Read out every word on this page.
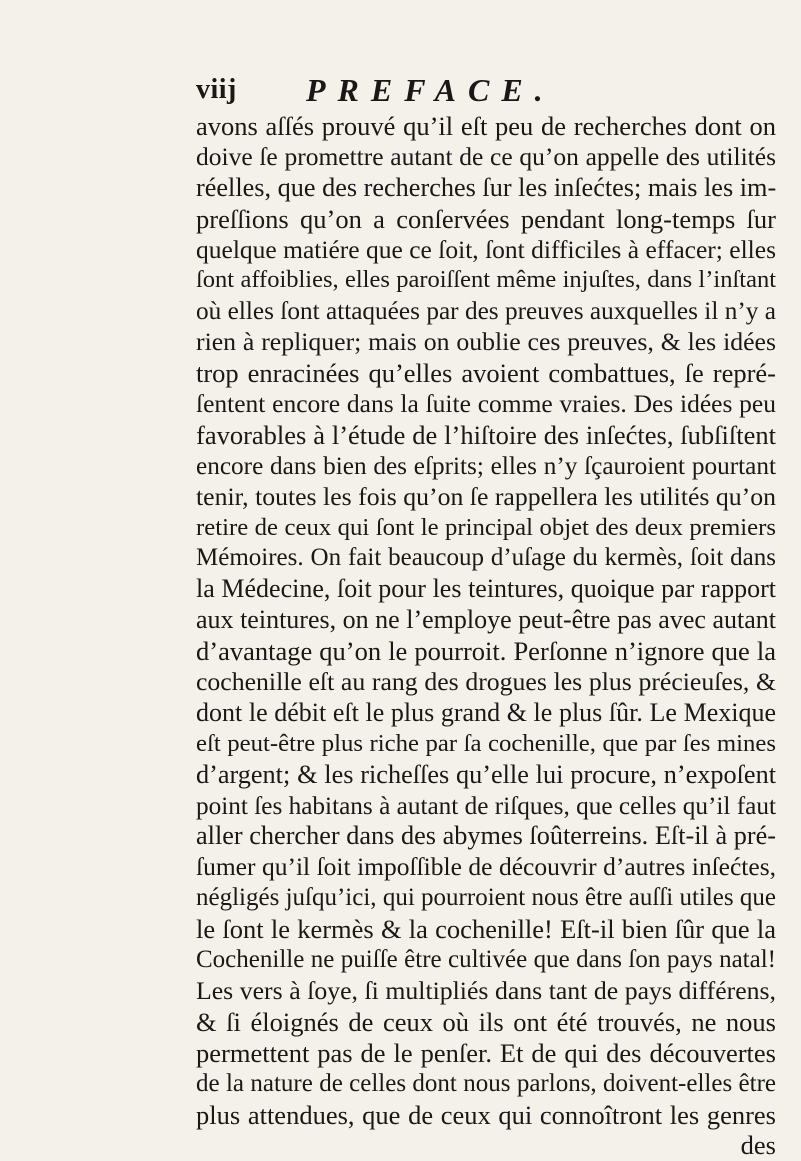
viij PREFACE.
avons aſſés prouvé qu’il eſt peu de recherches dont on
doive ſe promettre autant de ce qu’on appelle des utilités
réelles, que des recherches ſur les inſećtes; mais les im-
preſſions qu’on a conſervées pendant long-temps ſur
quelque matiére que ce ſoit, ſont difficiles à effacer; elles
ſont affoiblies, elles paroiſſent même injuſtes, dans l’inſtant
où elles ſont attaquées par des preuves auxquelles il n’y a
rien à repliquer; mais on oublie ces preuves, & les idées
trop enracinées qu’elles avoient combattues, ſe repré-
ſentent encore dans la ſuite comme vraies. Des idées peu
favorables à l’étude de l’hiſtoire des inſećtes, ſubſiſtent
encore dans bien des eſprits; elles n’y ſçauroient pourtant
tenir, toutes les fois qu’on ſe rappellera les utilités qu’on
retire de ceux qui ſont le principal objet des deux premiers
Mémoires. On fait beaucoup d’uſage du kermès, ſoit dans
la Médecine, ſoit pour les teintures, quoique par rapport
aux teintures, on ne l’employe peut-être pas avec autant
d’avantage qu’on le pourroit. Perſonne n’ignore que la
cochenille eſt au rang des drogues les plus précieuſes, &
dont le débit eſt le plus grand & le plus ſûr. Le Mexique
eſt peut-être plus riche par ſa cochenille, que par ſes mines
d’argent; & les richeſſes qu’elle lui procure, n’expoſent
point ſes habitans à autant de riſques, que celles qu’il faut
aller chercher dans des abymes ſoûterreins. Eſt-il à pré-
ſumer qu’il ſoit impoſſible de découvrir d’autres inſećtes,
négligés juſqu’ici, qui pourroient nous être auſſi utiles que
le ſont le kermès & la cochenille! Eſt-il bien ſûr que la
Cochenille ne puiſſe être cultivée que dans ſon pays natal!
Les vers à ſoye, ſi multipliés dans tant de pays différens,
& ſi éloignés de ceux où ils ont été trouvés, ne nous
permettent pas de le penſer. Et de qui des découvertes
de la nature de celles dont nous parlons, doivent-elles être
plus attendues, que de ceux qui connoîtront les genres
des
